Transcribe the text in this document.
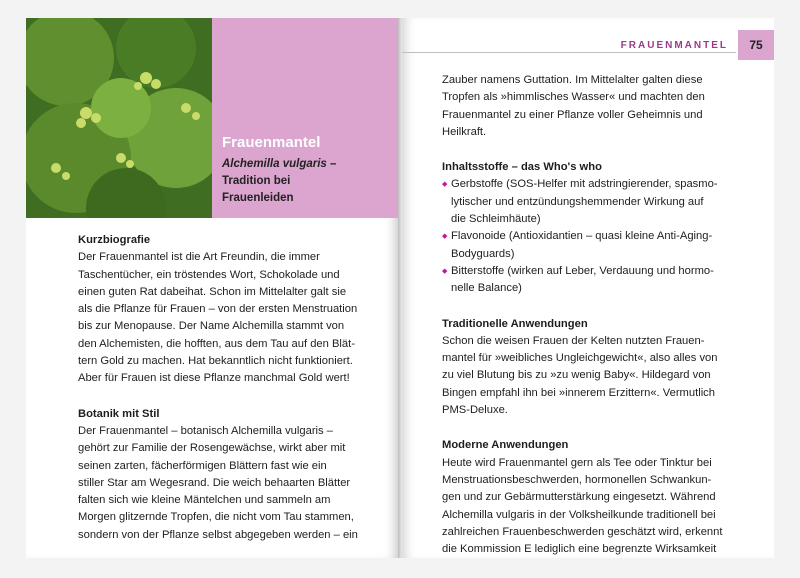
Frauenmantel
Alchemilla vulgaris –
Tradition bei
Frauenleiden

Kurzbiografie

Der Frauenmantel ist die Art Freundin, die immer

Taschentücher, ein tröstendes Wort, Schokolade und

einen guten Rat dabeihat. Schon im Mittelalter galt sie

als die Pflanze für Frauen – von der ersten Menstruation

bis zur Menopause. Der Name Alchemilla stammt von

den Alchemisten, die hofften, aus dem Tau auf den Blät-

tern Gold zu machen. Hat bekanntlich nicht funktioniert.

Aber für Frauen ist diese Pflanze manchmal Gold wert!

Botanik mit Stil

Der Frauenmantel – botanisch Alchemilla vulgaris –

gehört zur Familie der Rosengewächse, wirkt aber mit

seinen zarten, fächerförmigen Blättern fast wie ein

stiller Star am Wegesrand. Die weich behaarten Blätter

falten sich wie kleine Mäntelchen und sammeln am

Morgen glitzernde Tropfen, die nicht vom Tau stammen,

sondern von der Pflanze selbst abgegeben werden – ein

FRAUENMANTEL	75

Zauber namens Guttation. Im Mittelalter galten diese

Tropfen als »himmlisches Wasser« und machten den

Frauenmantel zu einer Pflanze voller Geheimnis und

Heilkraft.

Inhaltsstoffe – das Who's who

◆ Gerbstoffe (SOS-Helfer mit adstringierender, spasmo-
lytischer und entzündungshemmender Wirkung auf
die Schleimhäute)
◆ Flavonoide (Antioxidantien – quasi kleine Anti-Aging-
Bodyguards)
◆ Bitterstoffe (wirken auf Leber, Verdauung und hormo-
nelle Balance)

Traditionelle Anwendungen

Schon die weisen Frauen der Kelten nutzten Frauen-

mantel für »weibliches Ungleichgewicht«, also alles von

zu viel Blutung bis zu »zu wenig Baby«. Hildegard von

Bingen empfahl ihn bei »innerem Erzittern«. Vermutlich

PMS-Deluxe.

Moderne Anwendungen

Heute wird Frauenmantel gern als Tee oder Tinktur bei

Menstruationsbeschwerden, hormonellen Schwankun-

gen und zur Gebärmutterstärkung eingesetzt. Während

Alchemilla vulgaris in der Volksheilkunde traditionell bei

zahlreichen Frauenbeschwerden geschätzt wird, erkennt

die Kommission E lediglich eine begrenzte Wirksamkeit
